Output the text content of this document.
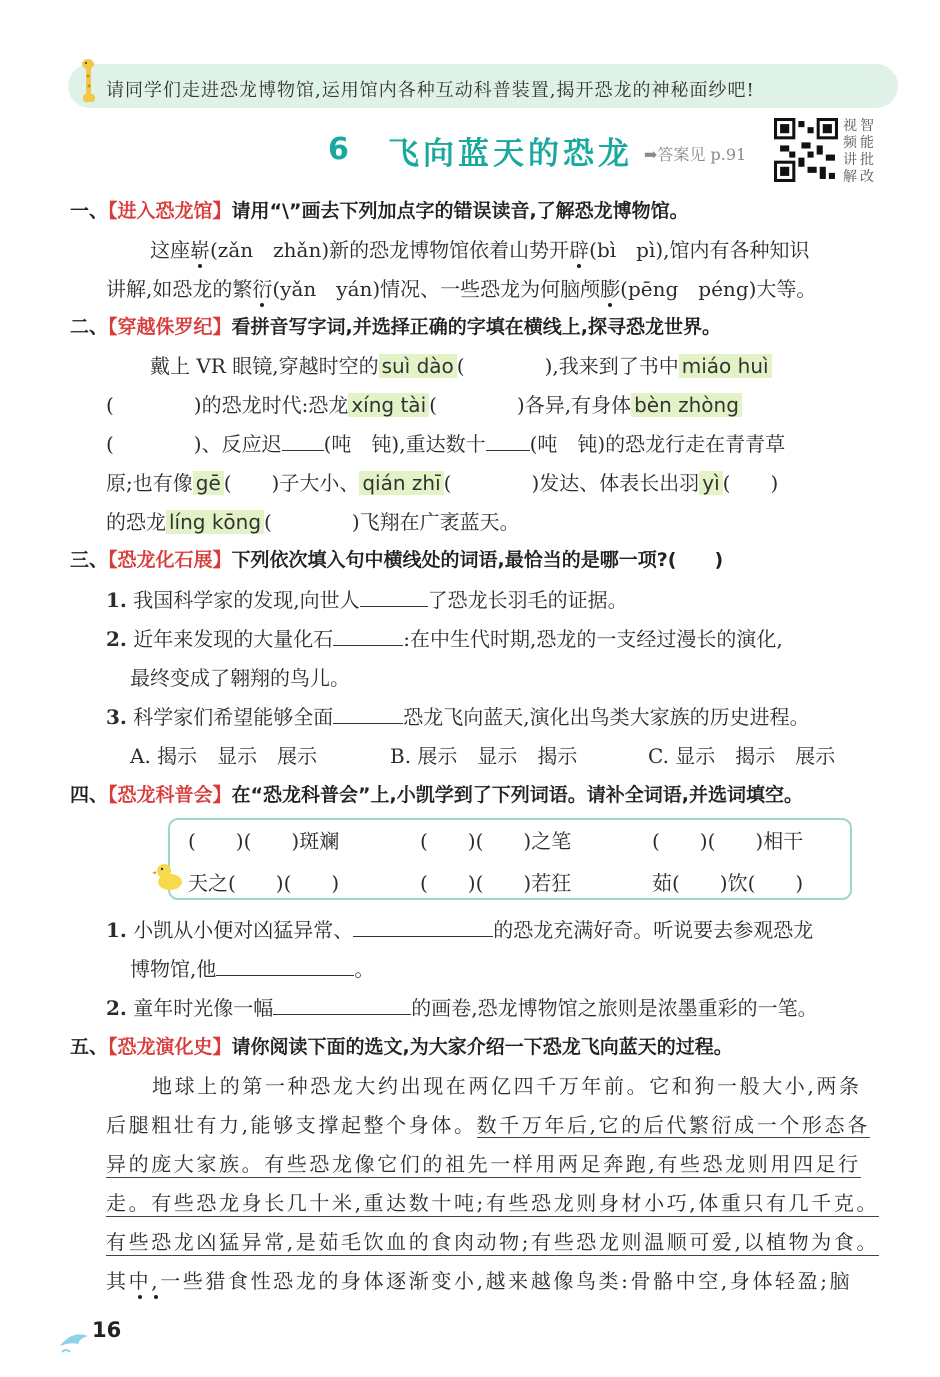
请同学们走进恐龙博物馆,运用馆内各种互动科普装置,揭开恐龙的神秘面纱吧!
6 飞向蓝天的恐龙 ➡答案见 p.91
视频讲解
智能批改
一、【进入恐龙馆】请用“\”画去下列加点字的错误读音,了解恐龙博物馆。
这座崭(zǎn　zhǎn)新的恐龙博物馆依着山势开辟(bì　pì),馆内有各种知识
讲解,如恐龙的繁衍(yǎn　yán)情况、一些恐龙为何脑颅膨(pēng　péng)大等。
二、【穿越侏罗纪】看拼音写字词,并选择正确的字填在横线上,探寻恐龙世界。
戴上 VR 眼镜,穿越时空的 suì dào (　　　　),我来到了书中 miáo huì
(　　　　)的恐龙时代:恐龙 xíng tài (　　　　)各异,有身体 bèn zhòng
(　　　　)、反应迟 (吨　钝),重达数十 (吨　钝)的恐龙行走在青青草
原;也有像 gē (　　)子大小、 qián zhī (　　　　)发达、体表长出羽 yì (　　)
的恐龙 líng kōng (　　　　)飞翔在广袤蓝天。
三、【恐龙化石展】下列依次填入句中横线处的词语,最恰当的是哪一项?(　　)
1. 我国科学家的发现,向世人	了恐龙长羽毛的证据。
2. 近年来发现的大量化石	:在中生代时期,恐龙的一支经过漫长的演化,
最终变成了翱翔的鸟儿。
3. 科学家们希望能够全面	恐龙飞向蓝天,演化出鸟类大家族的历史进程。
A. 揭示　显示　展示	B. 展示　显示　揭示	C. 显示　揭示　展示
四、【恐龙科普会】在“恐龙科普会”上,小凯学到了下列词语。请补全词语,并选词填空。
(　　)(　　)斑斓	(　　)(　　)之笔	(　　)(　　)相干
天之(　　)(　　)	(　　)(　　)若狂	茹(　　)饮(　　)
1. 小凯从小便对凶猛异常、	的恐龙充满好奇。听说要去参观恐龙
博物馆,他	。
2. 童年时光像一幅	的画卷,恐龙博物馆之旅则是浓墨重彩的一笔。
五、【恐龙演化史】请你阅读下面的选文,为大家介绍一下恐龙飞向蓝天的过程。
地球上的第一种恐龙大约出现在两亿四千万年前。它和狗一般大小,两条
后腿粗壮有力,能够支撑起整个身体。数千万年后,它的后代繁衍成一个形态各
异的庞大家族。有些恐龙像它们的祖先一样用两足奔跑,有些恐龙则用四足行
走。有些恐龙身长几十米,重达数十吨;有些恐龙则身材小巧,体重只有几千克。
有些恐龙凶猛异常,是茹毛饮血的食肉动物;有些恐龙则温顺可爱,以植物为食。
其中,一些猎食性恐龙的身体逐渐变小,越来越像鸟类:骨骼中空,身体轻盈;脑
16
